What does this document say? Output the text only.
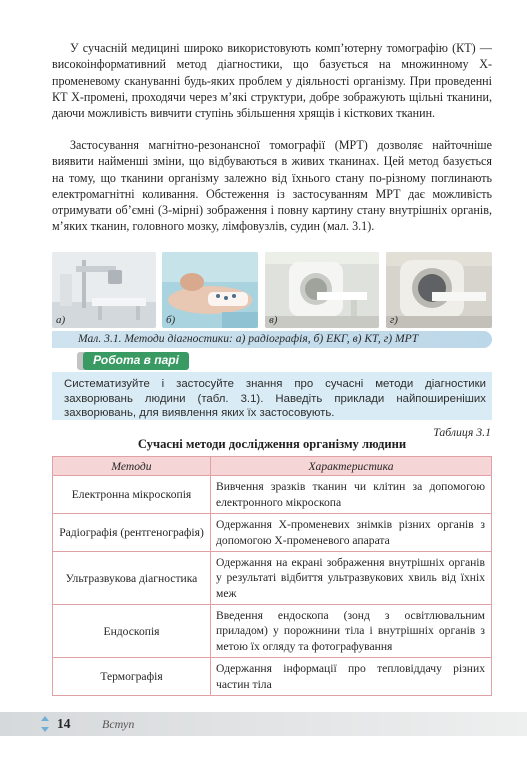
У сучасній медицині широко використовують комп’ютерну томографію (КТ) — високоінформативний метод діагностики, що базується на множинному Х-променевому скануванні будь-яких проблем у діяльності організму. При проведенні КТ Х-промені, проходячи через м’які структури, добре зображують щільні тканини, даючи можливість вивчити ступінь збільшення хрящів і кісткових тканин.

Застосування магнітно-резонансної томографії (МРТ) дозволяє найточніше виявити найменші зміни, що відбуваються в живих тканинах. Цей метод базується на тому, що тканини організму залежно від їхнього стану по-різному поглинають електромагнітні коливання. Обстеження із застосуванням МРТ дає можливість отримувати об’ємні (3-мірні) зображення і повну картину стану внутрішніх органів, м’яких тканин, головного мозку, лімфовузлів, судин (мал. 3.1).

а)	б)	в)	г)
Мал. 3.1. Методи діагностики: а) радіографія, б) ЕКГ, в) КТ, г) МРТ
Робота в парі
Систематизуйте і застосуйте знання про сучасні методи діагностики захворювань людини (табл. 3.1). Наведіть приклади найпоширеніших захворювань, для виявлення яких їх застосовують.
Таблиця 3.1
Сучасні методи дослідження організму людини
Методи	Характеристика
Електронна мікроскопія	Вивчення зразків тканин чи клітин за допомогою електронного мікроскопа
Радіографія (рентгенографія)	Одержання Х-променевих знімків різних органів з допомогою Х-променевого апарата
Ультразвукова діагностика	Одержання на екрані зображення внутрішніх органів у результаті відбиття ультразвукових хвиль від їхніх меж
Ендоскопія	Введення ендоскопа (зонд з освітлювальним приладом) у порожнини тіла і внутрішніх органів з метою їх огляду та фотографування
Термографія	Одержання інформації про тепловіддачу різних частин тіла
14	Вступ
